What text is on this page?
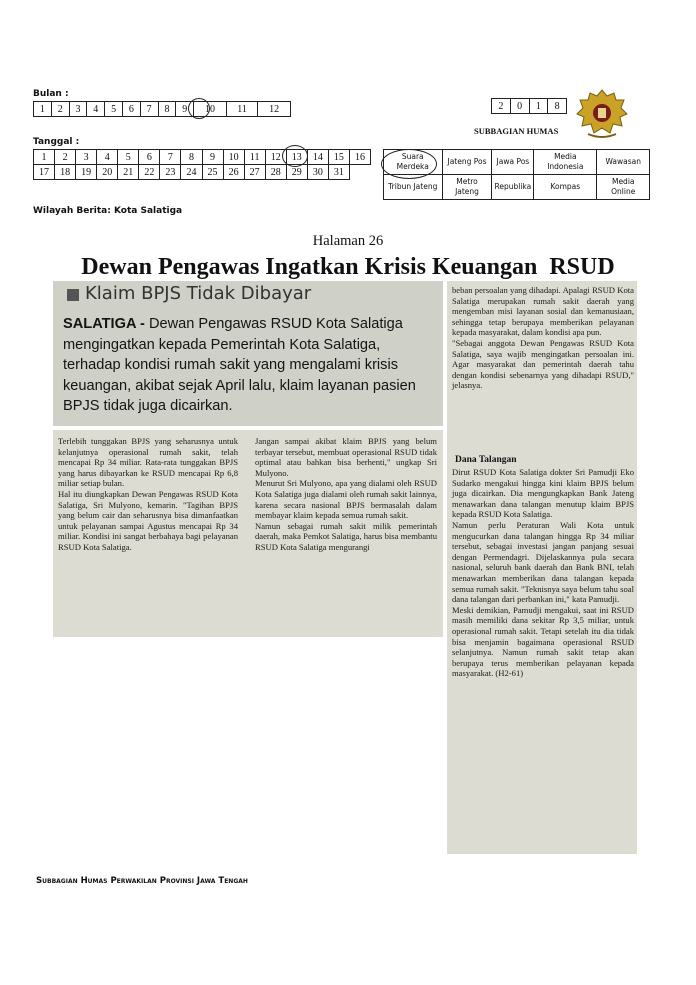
Bulan :
1	2	3	4	5	6	7	8	9	10	11	12
Tanggal :
1	2	3	4	5	6	7	8	9	10	11	12	13	14	15	16
17	18	19	20	21	22	23	24	25	26	27	28	29	30	31	
2	0	1	8
SUBBAGIAN HUMAS
Suara Merdeka	Jateng Pos	Jawa Pos	Media Indonesia	Wawasan
Tribun Jateng	Metro Jateng	Republika	Kompas	Media Online
Wilayah Berita: Kota Salatiga
Halaman 26
Dewan Pengawas Ingatkan Krisis Keuangan  RSUD
Klaim BPJS Tidak Dibayar
SALATIGA - Dewan Pengawas RSUD Kota Salatiga mengingatkan kepada Pemerintah Kota Salatiga, terhadap kondisi rumah sakit yang mengalami krisis keuangan, akibat sejak April lalu, klaim layanan pasien BPJS tidak juga dicairkan.
Terlebih tunggakan BPJS yang seharusnya untuk kelanjutnya operasional rumah sakit, telah mencapai Rp 34 miliar. Rata-rata tunggakan BPJS yang harus dibayarkan ke RSUD mencapai Rp 6,8 miliar setiap bulan.
Hal itu diungkapkan Dewan Pengawas RSUD Kota Salatiga, Sri Mulyono, kemarin. "Tagihan BPJS yang belum cair dan seharusnya bisa dimanfaatkan untuk pelayanan sampai Agustus mencapai Rp 34 miliar. Kondisi ini sangat berbahaya bagi pelayanan RSUD Kota Salatiga.
Jangan sampai akibat klaim BPJS yang belum terbayar tersebut, membuat operasional RSUD tidak optimal atau bahkan bisa berhenti," ungkap Sri Mulyono.
Menurut Sri Mulyono, apa yang dialami oleh RSUD Kota Salatiga juga dialami oleh rumah sakit lainnya, karena secara nasional BPJS bermasalah dalam membayar klaim kepada semua rumah sakit.
Namun sebagai rumah sakit milik pemerintah daerah, maka Pemkot Salatiga, harus bisa membantu RSUD Kota Salatiga mengurangi
beban persoalan yang dihadapi. Apalagi RSUD Kota Salatiga merupakan rumah sakit daerah yang mengemban misi layanan sosial dan kemanusiaan, sehingga tetap berupaya memberikan pelayanan kepada masyarakat, dalam kondisi apa pun.
"Sebagai anggota Dewan Pengawas RSUD Kota Salatiga, saya wajib mengingatkan persoalan ini. Agar masyarakat dan pemerintah daerah tahu dengan kondisi sebenarnya yang dihadapi RSUD," jelasnya.
Dana Talangan
Dirut RSUD Kota Salatiga dokter Sri Pamudji Eko Sudarko mengakui hingga kini klaim BPJS belum juga dicairkan. Dia mengungkapkan Bank Jateng menawarkan dana talangan menutup klaim BPJS kepada RSUD Kota Salatiga.
Namun perlu Peraturan Wali Kota untuk mengucurkan dana talangan hingga Rp 34 miliar tersebut, sebagai investasi jangan panjang sesuai dengan Permendagri. Dijelaskannya pula secara nasional, seluruh bank daerah dan Bank BNI, telah menawarkan memberikan dana talangan kepada semua rumah sakit. "Teknisnya saya belum tahu soal dana talangan dari perbankan ini," kata Pamudji.
Meski demikian, Pamudji mengakui, saat ini RSUD masih memiliki dana sekitar Rp 3,5 miliar, untuk operasional rumah sakit. Tetapi setelah itu dia tidak bisa menjamin bagaimana operasional RSUD selanjutnya. Namun rumah sakit tetap akan berupaya terus memberikan pelayanan kepada masyarakat. (H2-61)
Subbagian Humas Perwakilan Provinsi Jawa Tengah
